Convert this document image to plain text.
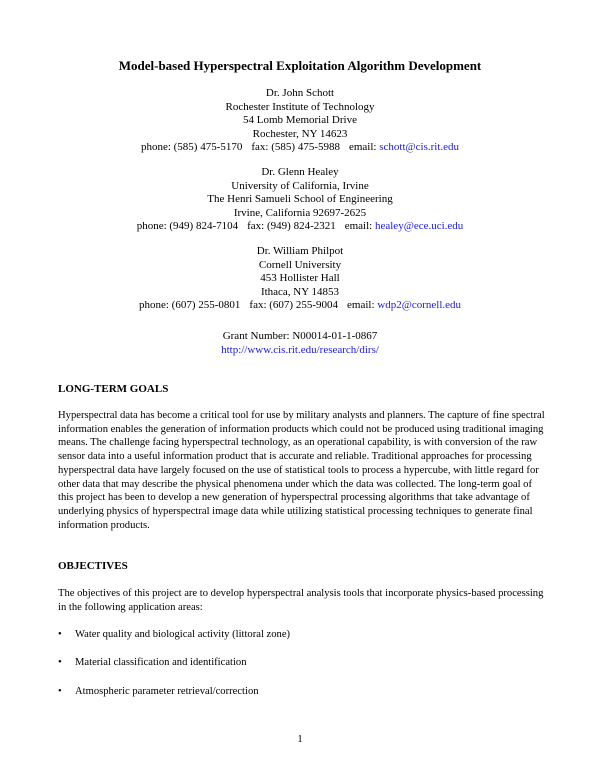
Model-based Hyperspectral Exploitation Algorithm Development
Dr. John Schott
Rochester Institute of Technology
54 Lomb Memorial Drive
Rochester, NY 14623
phone: (585) 475-5170 fax: (585) 475-5988 email: schott@cis.rit.edu
Dr. Glenn Healey
University of California, Irvine
The Henri Samueli School of Engineering
Irvine, California 92697-2625
phone: (949) 824-7104 fax: (949) 824-2321 email: healey@ece.uci.edu
Dr. William Philpot
Cornell University
453 Hollister Hall
Ithaca, NY 14853
phone: (607) 255-0801 fax: (607) 255-9004 email: wdp2@cornell.edu
Grant Number: N00014-01-1-0867
http://www.cis.rit.edu/research/dirs/
LONG-TERM GOALS
Hyperspectral data has become a critical tool for use by military analysts and planners. The capture of fine spectral information enables the generation of information products which could not be produced using traditional imaging means. The challenge facing hyperspectral technology, as an operational capability, is with conversion of the raw sensor data into a useful information product that is accurate and reliable. Traditional approaches for processing hyperspectral data have largely focused on the use of statistical tools to process a hypercube, with little regard for other data that may describe the physical phenomena under which the data was collected. The long-term goal of this project has been to develop a new generation of hyperspectral processing algorithms that take advantage of underlying physics of hyperspectral image data while utilizing statistical processing techniques to generate final information products.
OBJECTIVES
The objectives of this project are to develop hyperspectral analysis tools that incorporate physics-based processing in the following application areas:
• Water quality and biological activity (littoral zone)
• Material classification and identification
• Atmospheric parameter retrieval/correction
1
